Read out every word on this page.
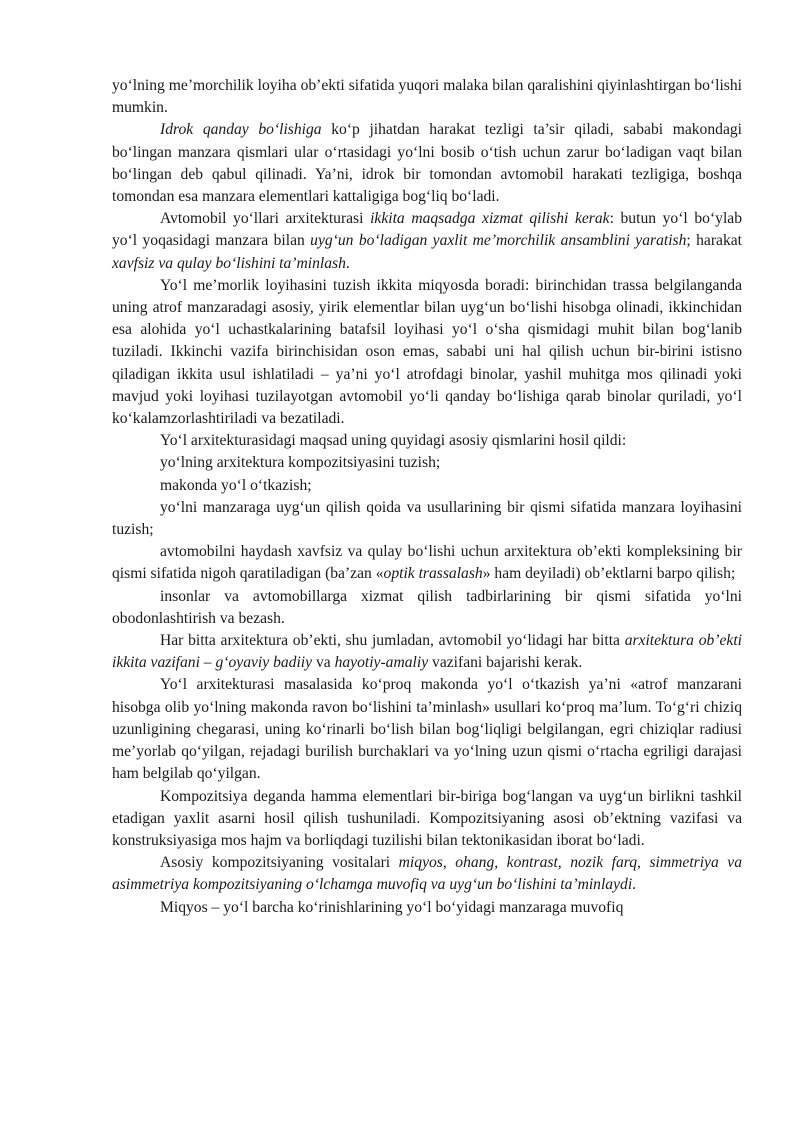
yo‘lning me’morchilik loyiha ob’ekti sifatida yuqori malaka bilan qaralishini qiyinlashtirgan bo‘lishi mumkin.

Idrok qanday bo‘lishiga ko‘p jihatdan harakat tezligi ta’sir qiladi, sababi makondagi bo‘lingan manzara qismlari ular o‘rtasidagi yo‘lni bosib o‘tish uchun zarur bo‘ladigan vaqt bilan bo‘lingan deb qabul qilinadi. Ya’ni, idrok bir tomondan avtomobil harakati tezligiga, boshqa tomondan esa manzara elementlari kattaligiga bog‘liq bo‘ladi.

Avtomobil yo‘llari arxitekturasi ikkita maqsadga xizmat qilishi kerak: butun yo‘l bo‘ylab yo‘l yoqasidagi manzara bilan uyg‘un bo‘ladigan yaxlit me’morchilik ansamblini yaratish; harakat xavfsiz va qulay bo‘lishini ta’minlash.

Yo‘l me’morlik loyihasini tuzish ikkita miqyosda boradi: birinchidan trassa belgilanganda uning atrof manzaradagi asosiy, yirik elementlar bilan uyg‘un bo‘lishi hisobga olinadi, ikkinchidan esa alohida yo‘l uchastkalarining batafsil loyihasi yo‘l o‘sha qismidagi muhit bilan bog‘lanib tuziladi. Ikkinchi vazifa birinchisidan oson emas, sababi uni hal qilish uchun bir-birini istisno qiladigan ikkita usul ishlatiladi – ya’ni yo‘l atrofdagi binolar, yashil muhitga mos qilinadi yoki mavjud yoki loyihasi tuzilayotgan avtomobil yo‘li qanday bo‘lishiga qarab binolar quriladi, yo‘l ko‘kalamzorlashtiriladi va bezatiladi.

Yo‘l arxitekturasidagi maqsad uning quyidagi asosiy qismlarini hosil qildi:

yo‘lning arxitektura kompozitsiyasini tuzish;

makonda yo‘l o‘tkazish;

yo‘lni manzaraga uyg‘un qilish qoida va usullarining bir qismi sifatida manzara loyihasini tuzish;

avtomobilni haydash xavfsiz va qulay bo‘lishi uchun arxitektura ob’ekti kompleksining bir qismi sifatida nigoh qaratiladigan (ba’zan «optik trassalash» ham deyiladi) ob’ektlarni barpo qilish;

insonlar va avtomobillarga xizmat qilish tadbirlarining bir qismi sifatida yo‘lni obodonlashtirish va bezash.

Har bitta arxitektura ob’ekti, shu jumladan, avtomobil yo‘lidagi har bitta arxitektura ob’ekti ikkita vazifani – g‘oyaviy badiiy va hayotiy-amaliy vazifani bajarishi kerak.

Yo‘l arxitekturasi masalasida ko‘proq makonda yo‘l o‘tkazish ya’ni «atrof manzarani hisobga olib yo‘lning makonda ravon bo‘lishini ta’minlash» usullari ko‘proq ma’lum. To‘g‘ri chiziq uzunligining chegarasi, uning ko‘rinarli bo‘lish bilan bog‘liqligi belgilangan, egri chiziqlar radiusi me’yorlab qo‘yilgan, rejadagi burilish burchaklari va yo‘lning uzun qismi o‘rtacha egriligi darajasi ham belgilab qo‘yilgan.

Kompozitsiya deganda hamma elementlari bir-biriga bog‘langan va uyg‘un birlikni tashkil etadigan yaxlit asarni hosil qilish tushuniladi. Kompozitsiyaning asosi ob’ektning vazifasi va konstruksiyasiga mos hajm va borliqdagi tuzilishi bilan tektonikasidan iborat bo‘ladi.

Asosiy kompozitsiyaning vositalari miqyos, ohang, kontrast, nozik farq, simmetriya va asimmetriya kompozitsiyaning o‘lchamga muvofiq va uyg‘un bo‘lishini ta’minlaydi.

Miqyos – yo‘l barcha ko‘rinishlarining yo‘l bo‘yidagi manzaraga muvofiq
